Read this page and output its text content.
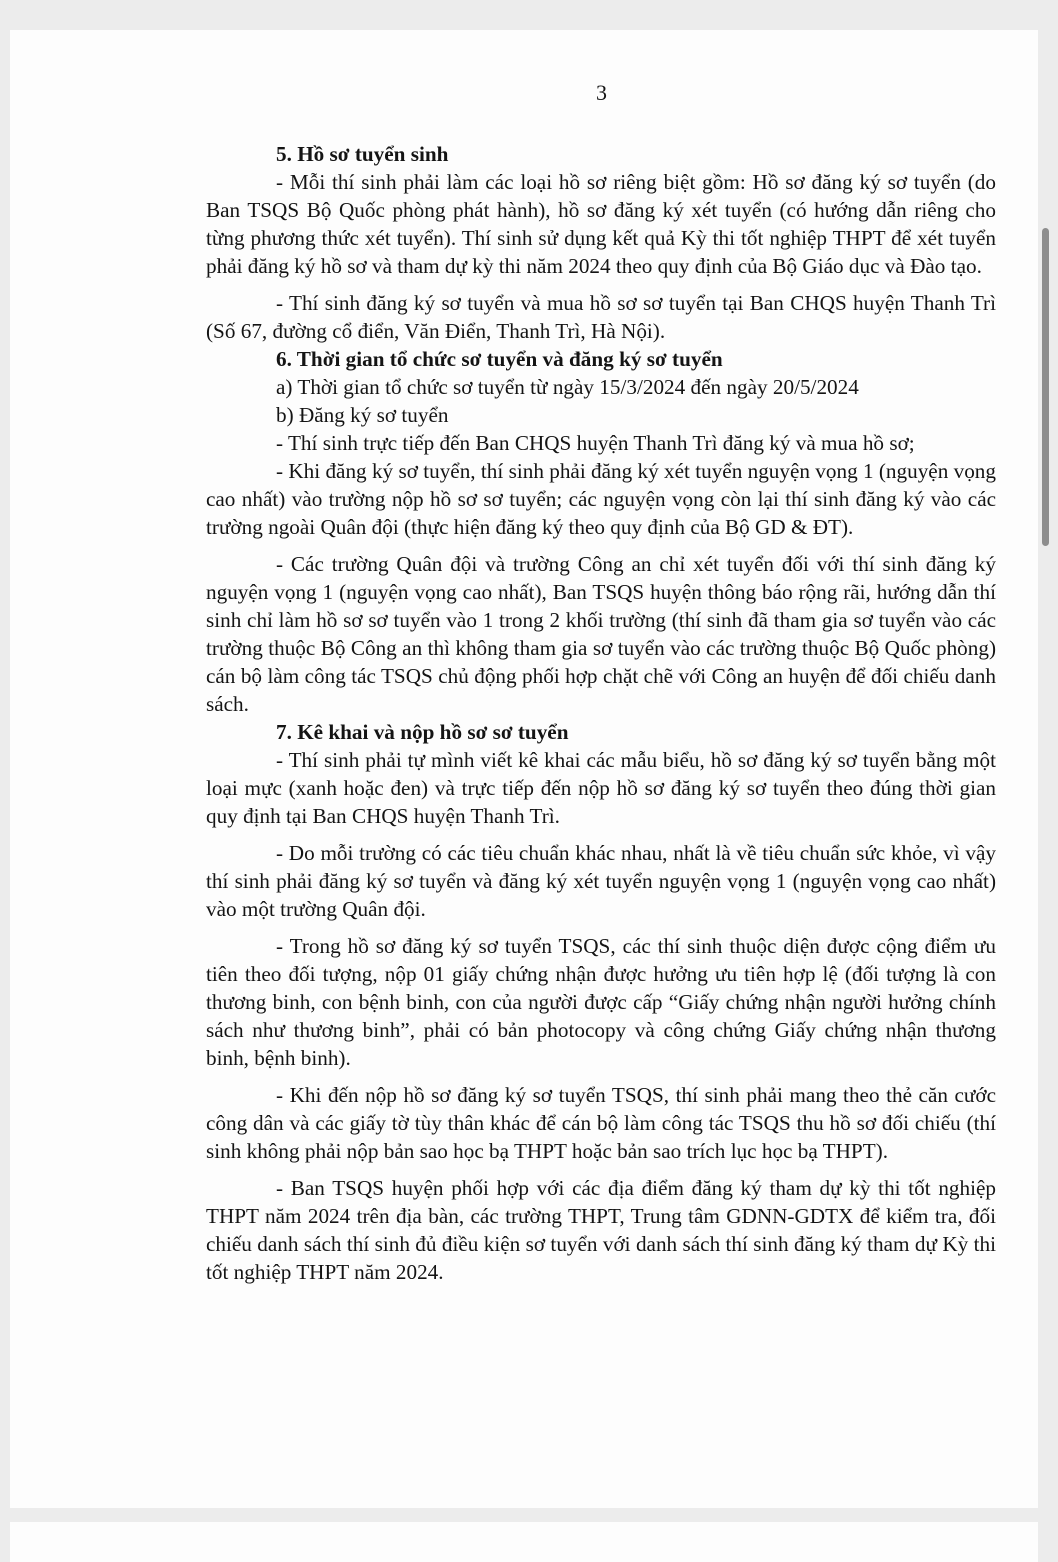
3

5. Hồ sơ tuyển sinh

- Mỗi thí sinh phải làm các loại hồ sơ riêng biệt gồm: Hồ sơ đăng ký sơ tuyển (do Ban TSQS Bộ Quốc phòng phát hành), hồ sơ đăng ký xét tuyển (có hướng dẫn riêng cho từng phương thức xét tuyển). Thí sinh sử dụng kết quả Kỳ thi tốt nghiệp THPT để xét tuyển phải đăng ký hồ sơ và tham dự kỳ thi năm 2024 theo quy định của Bộ Giáo dục và Đào tạo.

- Thí sinh đăng ký sơ tuyển và mua hồ sơ sơ tuyển tại Ban CHQS huyện Thanh Trì (Số 67, đường cổ điển, Văn Điển, Thanh Trì, Hà Nội).

6. Thời gian tổ chức sơ tuyển và đăng ký sơ tuyển

a) Thời gian tổ chức sơ tuyển từ ngày 15/3/2024 đến ngày 20/5/2024

b) Đăng ký sơ tuyển

- Thí sinh trực tiếp đến Ban CHQS huyện Thanh Trì đăng ký và mua hồ sơ;

- Khi đăng ký sơ tuyển, thí sinh phải đăng ký xét tuyển nguyện vọng 1 (nguyện vọng cao nhất) vào trường nộp hồ sơ sơ tuyển; các nguyện vọng còn lại thí sinh đăng ký vào các trường ngoài Quân đội (thực hiện đăng ký theo quy định của Bộ GD & ĐT).

- Các trường Quân đội và trường Công an chỉ xét tuyển đối với thí sinh đăng ký nguyện vọng 1 (nguyện vọng cao nhất), Ban TSQS huyện thông báo rộng rãi, hướng dẫn thí sinh chỉ làm hồ sơ sơ tuyển vào 1 trong 2 khối trường (thí sinh đã tham gia sơ tuyển vào các trường thuộc Bộ Công an thì không tham gia sơ tuyển vào các trường thuộc Bộ Quốc phòng) cán bộ làm công tác TSQS chủ động phối hợp chặt chẽ với Công an huyện để đối chiếu danh sách.

7. Kê khai và nộp hồ sơ sơ tuyển

- Thí sinh phải tự mình viết kê khai các mẫu biểu, hồ sơ đăng ký sơ tuyển bằng một loại mực (xanh hoặc đen) và trực tiếp đến nộp hồ sơ đăng ký sơ tuyển theo đúng thời gian quy định tại Ban CHQS huyện Thanh Trì.

- Do mỗi trường có các tiêu chuẩn khác nhau, nhất là về tiêu chuẩn sức khỏe, vì vậy thí sinh phải đăng ký sơ tuyển và đăng ký xét tuyển nguyện vọng 1 (nguyện vọng cao nhất) vào một trường Quân đội.

- Trong hồ sơ đăng ký sơ tuyển TSQS, các thí sinh thuộc diện được cộng điểm ưu tiên theo đối tượng, nộp 01 giấy chứng nhận được hưởng ưu tiên hợp lệ (đối tượng là con thương binh, con bệnh binh, con của người được cấp “Giấy chứng nhận người hưởng chính sách như thương binh”, phải có bản photocopy và công chứng Giấy chứng nhận thương binh, bệnh binh).

- Khi đến nộp hồ sơ đăng ký sơ tuyển TSQS, thí sinh phải mang theo thẻ căn cước công dân và các giấy tờ tùy thân khác để cán bộ làm công tác TSQS thu hồ sơ đối chiếu (thí sinh không phải nộp bản sao học bạ THPT hoặc bản sao trích lục học bạ THPT).

- Ban TSQS huyện phối hợp với các địa điểm đăng ký tham dự kỳ thi tốt nghiệp THPT năm 2024 trên địa bàn, các trường THPT, Trung tâm GDNN-GDTX để kiểm tra, đối chiếu danh sách thí sinh đủ điều kiện sơ tuyển với danh sách thí sinh đăng ký tham dự Kỳ thi tốt nghiệp THPT năm 2024.
